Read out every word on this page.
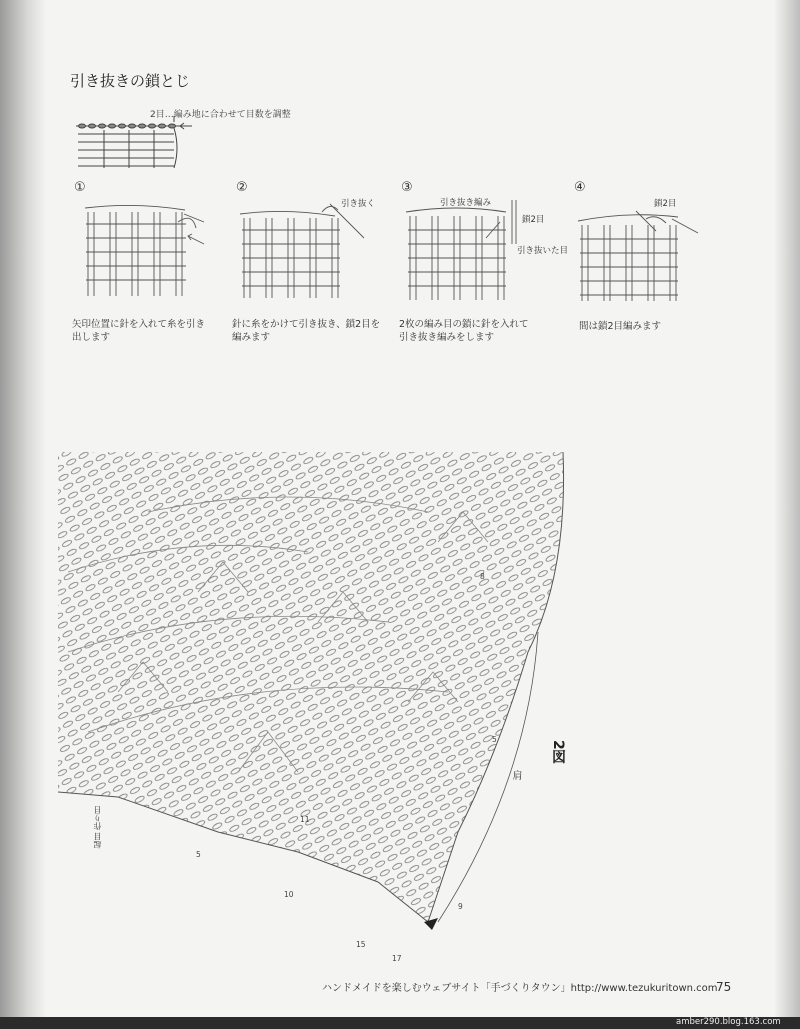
引き抜きの鎖とじ
2目…編み地に合わせて目数を調整
①	②	③	④
引き抜く	引き抜き編み
鎖2目
引き抜いた目
鎖2目
矢印位置に針を入れて糸を引き
出します
針に糸をかけて引き抜き、鎖2目を
編みます
2枚の編み目の鎖に針を入れて
引き抜き編みをします
間は鎖2目編みます
5
10
15
17
5
11
9
8
2図
肩
起目 作り目
ハンドメイドを楽しむウェブサイト「手づくりタウン」http://www.tezukuritown.com
75
amber290.blog.163.com
